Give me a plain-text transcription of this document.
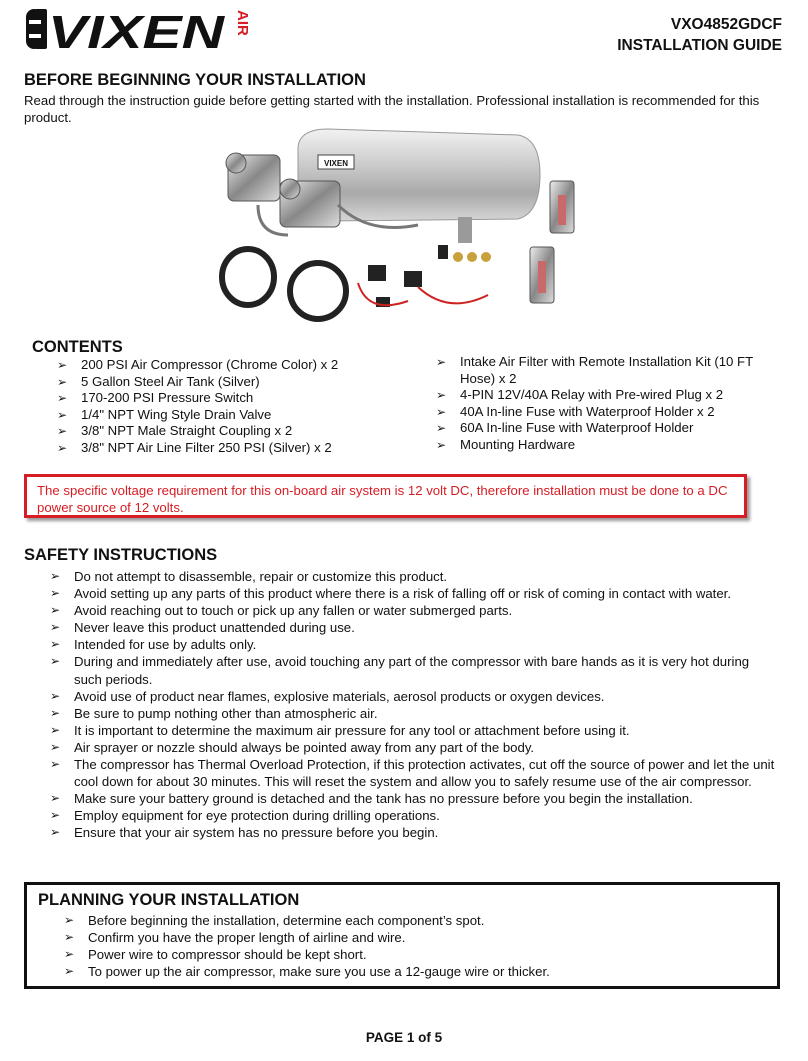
VIXEN AIR	VXO4852GDCF
INSTALLATION GUIDE
BEFORE BEGINNING YOUR INSTALLATION
Read through the instruction guide before getting started with the installation. Professional installation is recommended for this product.
VIXEN
CONTENTS
➢ 200 PSI Air Compressor (Chrome Color) x 2
➢ 5 Gallon Steel Air Tank (Silver)
➢ 170-200 PSI Pressure Switch
➢ 1/4" NPT Wing Style Drain Valve
➢ 3/8" NPT Male Straight Coupling x 2
➢ 3/8" NPT Air Line Filter 250 PSI (Silver) x 2
➢ Intake Air Filter with Remote Installation Kit (10 FT Hose) x 2
➢ 4-PIN 12V/40A Relay with Pre-wired Plug x 2
➢ 40A In-line Fuse with Waterproof Holder x 2
➢ 60A In-line Fuse with Waterproof Holder
➢ Mounting Hardware
The specific voltage requirement for this on-board air system is 12 volt DC, therefore installation must be done to a DC power source of 12 volts.
SAFETY INSTRUCTIONS
➢ Do not attempt to disassemble, repair or customize this product.
➢ Avoid setting up any parts of this product where there is a risk of falling off or risk of coming in contact with water.
➢ Avoid reaching out to touch or pick up any fallen or water submerged parts.
➢ Never leave this product unattended during use.
➢ Intended for use by adults only.
➢ During and immediately after use, avoid touching any part of the compressor with bare hands as it is very hot during such periods.
➢ Avoid use of product near flames, explosive materials, aerosol products or oxygen devices.
➢ Be sure to pump nothing other than atmospheric air.
➢ It is important to determine the maximum air pressure for any tool or attachment before using it.
➢ Air sprayer or nozzle should always be pointed away from any part of the body.
➢ The compressor has Thermal Overload Protection, if this protection activates, cut off the source of power and let the unit cool down for about 30 minutes. This will reset the system and allow you to safely resume use of the air compressor.
➢ Make sure your battery ground is detached and the tank has no pressure before you begin the installation.
➢ Employ equipment for eye protection during drilling operations.
➢ Ensure that your air system has no pressure before you begin.
PLANNING YOUR INSTALLATION
➢ Before beginning the installation, determine each component’s spot.
➢ Confirm you have the proper length of airline and wire.
➢ Power wire to compressor should be kept short.
➢ To power up the air compressor, make sure you use a 12-gauge wire or thicker.
PAGE 1 of 5
